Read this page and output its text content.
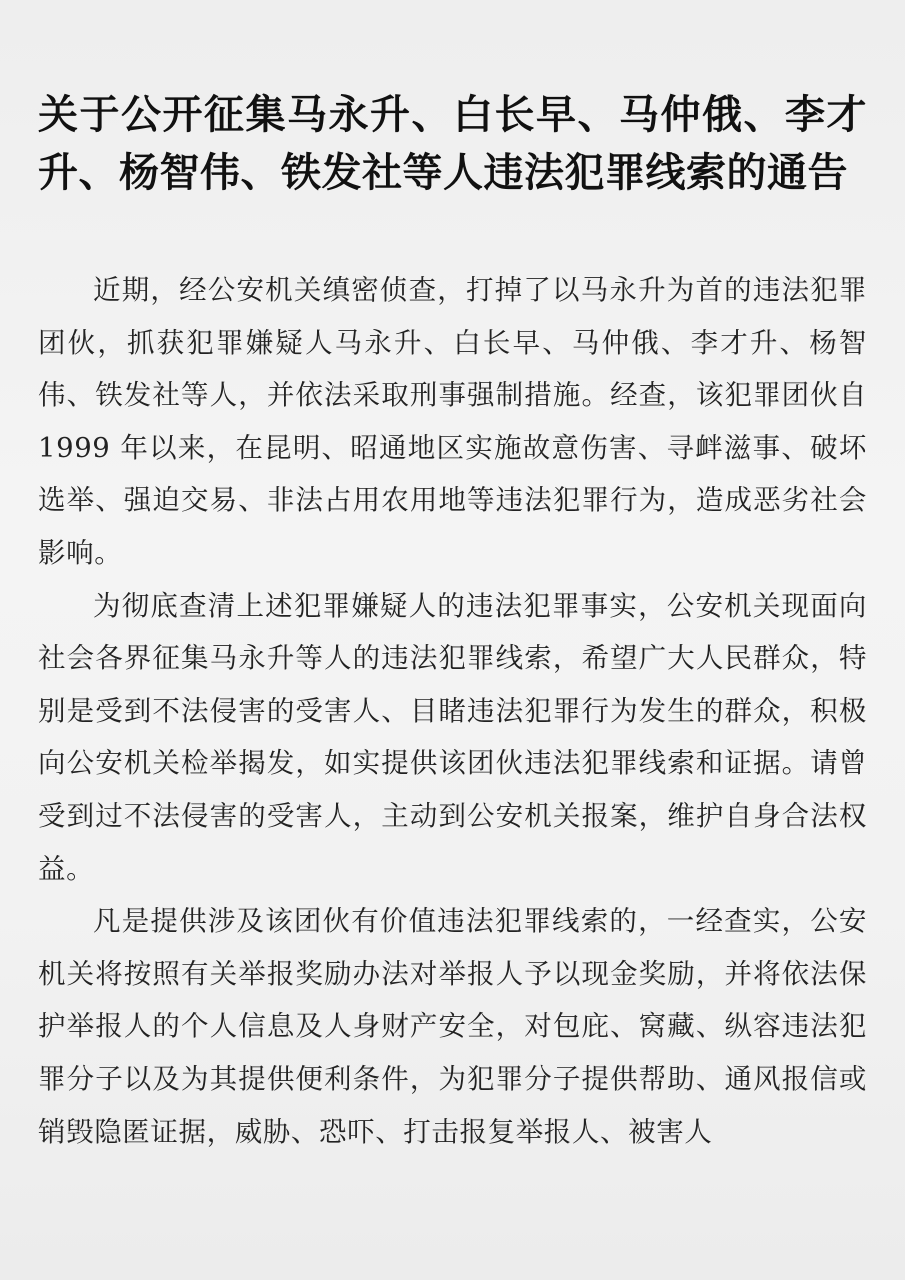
关于公开征集马永升、白长早、马仲俄、李才升、杨智伟、铁发社等人违法犯罪线索的通告

近期，经公安机关缜密侦查，打掉了以马永升为首的违法犯罪团伙，抓获犯罪嫌疑人马永升、白长早、马仲俄、李才升、杨智伟、铁发社等人，并依法采取刑事强制措施。经查，该犯罪团伙自 1999 年以来，在昆明、昭通地区实施故意伤害、寻衅滋事、破坏选举、强迫交易、非法占用农用地等违法犯罪行为，造成恶劣社会影响。

为彻底查清上述犯罪嫌疑人的违法犯罪事实，公安机关现面向社会各界征集马永升等人的违法犯罪线索，希望广大人民群众，特别是受到不法侵害的受害人、目睹违法犯罪行为发生的群众，积极向公安机关检举揭发，如实提供该团伙违法犯罪线索和证据。请曾受到过不法侵害的受害人，主动到公安机关报案，维护自身合法权益。

凡是提供涉及该团伙有价值违法犯罪线索的，一经查实，公安机关将按照有关举报奖励办法对举报人予以现金奖励，并将依法保护举报人的个人信息及人身财产安全，对包庇、窝藏、纵容违法犯罪分子以及为其提供便利条件，为犯罪分子提供帮助、通风报信或销毁隐匿证据，威胁、恐吓、打击报复举报人、被害人
